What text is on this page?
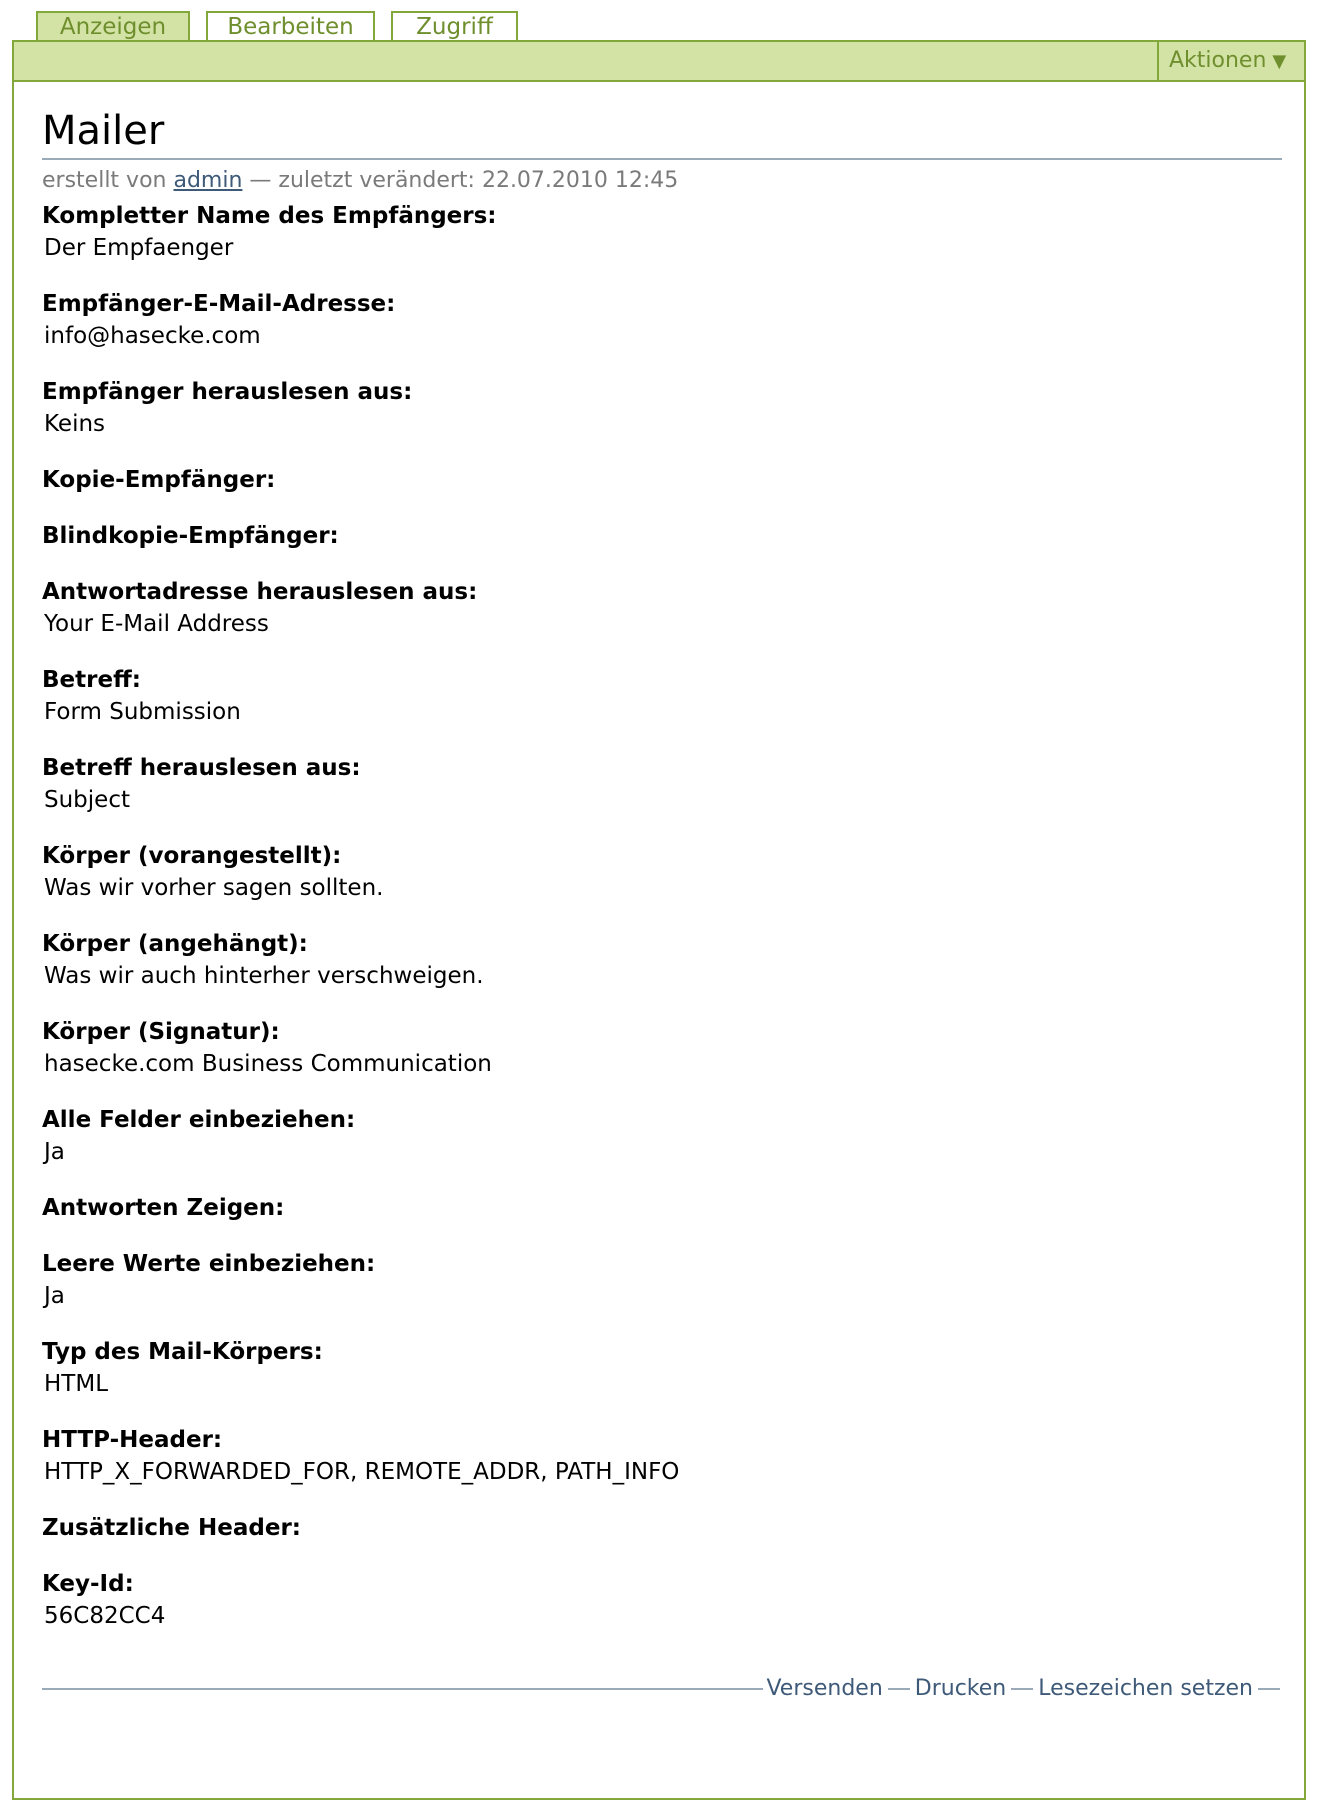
Anzeigen	Bearbeiten	Zugriff
Aktionen ▼
Mailer
erstellt von admin — zuletzt verändert: 22.07.2010 12:45
Kompletter Name des Empfängers:
Der Empfaenger
Empfänger-E-Mail-Adresse:
info@hasecke.com
Empfänger herauslesen aus:
Keins
Kopie-Empfänger:
Blindkopie-Empfänger:
Antwortadresse herauslesen aus:
Your E-Mail Address
Betreff:
Form Submission
Betreff herauslesen aus:
Subject
Körper (vorangestellt):
Was wir vorher sagen sollten.
Körper (angehängt):
Was wir auch hinterher verschweigen.
Körper (Signatur):
hasecke.com Business Communication
Alle Felder einbeziehen:
Ja
Antworten Zeigen:
Leere Werte einbeziehen:
Ja
Typ des Mail-Körpers:
HTML
HTTP-Header:
HTTP_X_FORWARDED_FOR, REMOTE_ADDR, PATH_INFO
Zusätzliche Header:
Key-Id:
56C82CC4
Versenden Drucken Lesezeichen setzen
